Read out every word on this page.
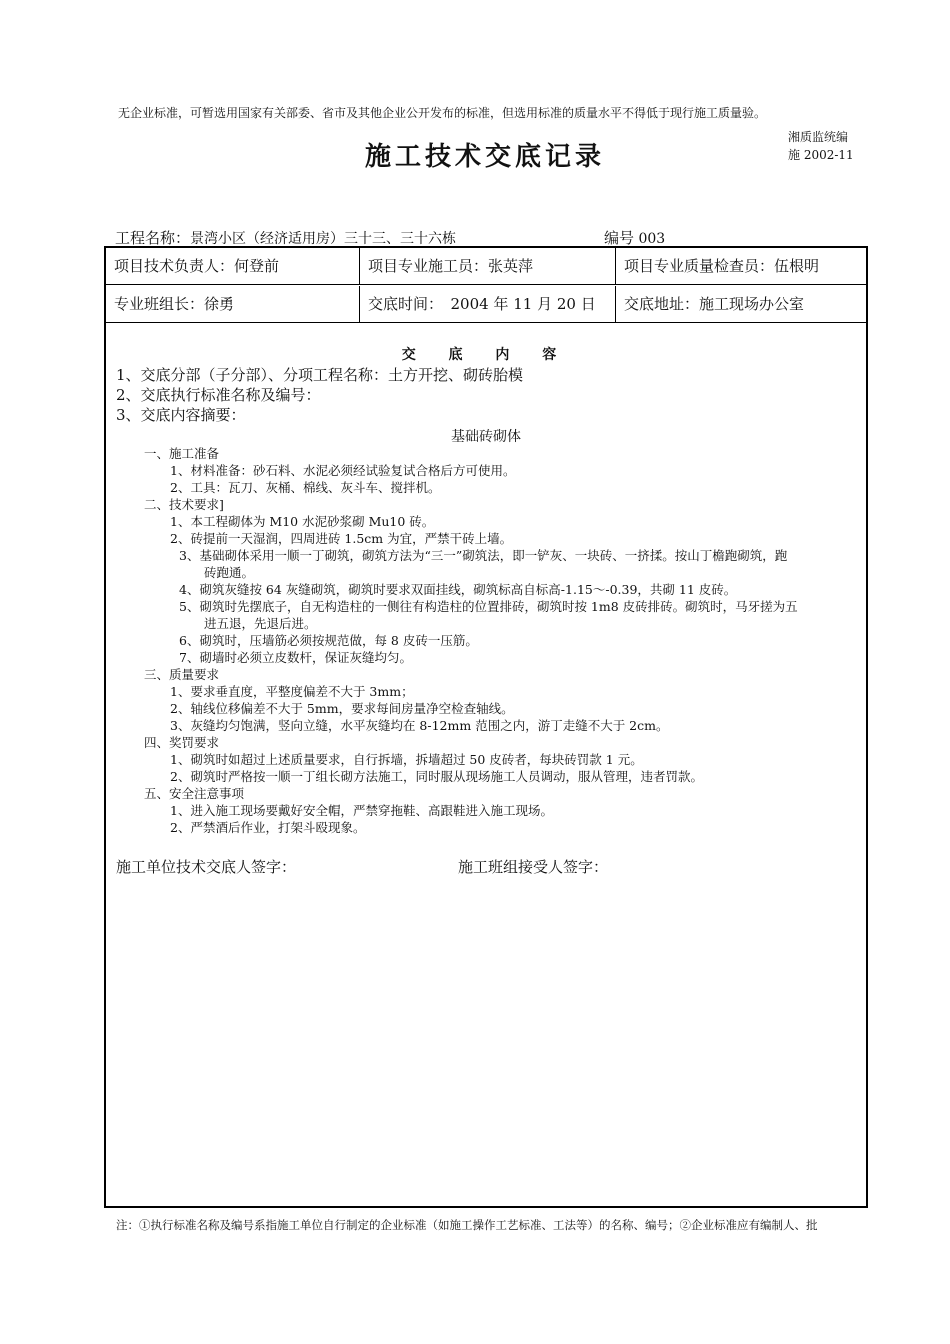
无企业标准，可暂选用国家有关部委、省市及其他企业公开发布的标准，但选用标准的质量水平不得低于现行施工质量验。
施工技术交底记录
湘质监统编
施 2002-11
工程名称：景湾小区（经济适用房）三十三、三十六栋	编号 003
项目技术负责人：何登前	项目专业施工员：张英萍	项目专业质量检查员：伍根明
专业班组长：徐勇	交底时间：　2004 年 11 月 20 日	交底地址：施工现场办公室
交 底 内 容
1、交底分部（子分部）、分项工程名称：土方开挖、砌砖胎模
2、交底执行标准名称及编号：
3、交底内容摘要：
基础砖砌体
一、施工准备
1、材料准备：砂石料、水泥必须经试验复试合格后方可使用。
2、工具：瓦刀、灰桶、棉线、灰斗车、搅拌机。
二、技术要求]
1、本工程砌体为 M10 水泥砂浆砌 Mu10 砖。
2、砖提前一天湿润，四周进砖 1.5cm 为宜，严禁干砖上墙。
3、基础砌体采用一顺一丁砌筑，砌筑方法为“三一”砌筑法，即一铲灰、一块砖、一挤揉。按山丁檐跑砌筑，跑
砖跑通。
4、砌筑灰缝按 64 灰缝砌筑，砌筑时要求双面挂线，砌筑标高自标高-1.15～-0.39，共砌 11 皮砖。
5、砌筑时先摆底子，自无构造柱的一侧往有构造柱的位置排砖，砌筑时按 1m8 皮砖排砖。砌筑时，马牙搓为五
进五退，先退后进。
6、砌筑时，压墙筋必须按规范做，每 8 皮砖一压筋。
7、砌墙时必须立皮数杆，保证灰缝均匀。
三、质量要求
1、要求垂直度，平整度偏差不大于 3mm；
2、轴线位移偏差不大于 5mm，要求每间房量净空检查轴线。
3、灰缝均匀饱满，竖向立缝，水平灰缝均在 8-12mm 范围之内，游丁走缝不大于 2cm。
四、奖罚要求
1、砌筑时如超过上述质量要求，自行拆墙，拆墙超过 50 皮砖者，每块砖罚款 1 元。
2、砌筑时严格按一顺一丁组长砌方法施工，同时服从现场施工人员调动，服从管理，违者罚款。
五、安全注意事项
1、进入施工现场要戴好安全帽，严禁穿拖鞋、高跟鞋进入施工现场。
2、严禁酒后作业，打架斗殴现象。
施工单位技术交底人签字：	施工班组接受人签字：
注：①执行标准名称及编号系指施工单位自行制定的企业标准（如施工操作工艺标准、工法等）的名称、编号；②企业标准应有编制人、批
